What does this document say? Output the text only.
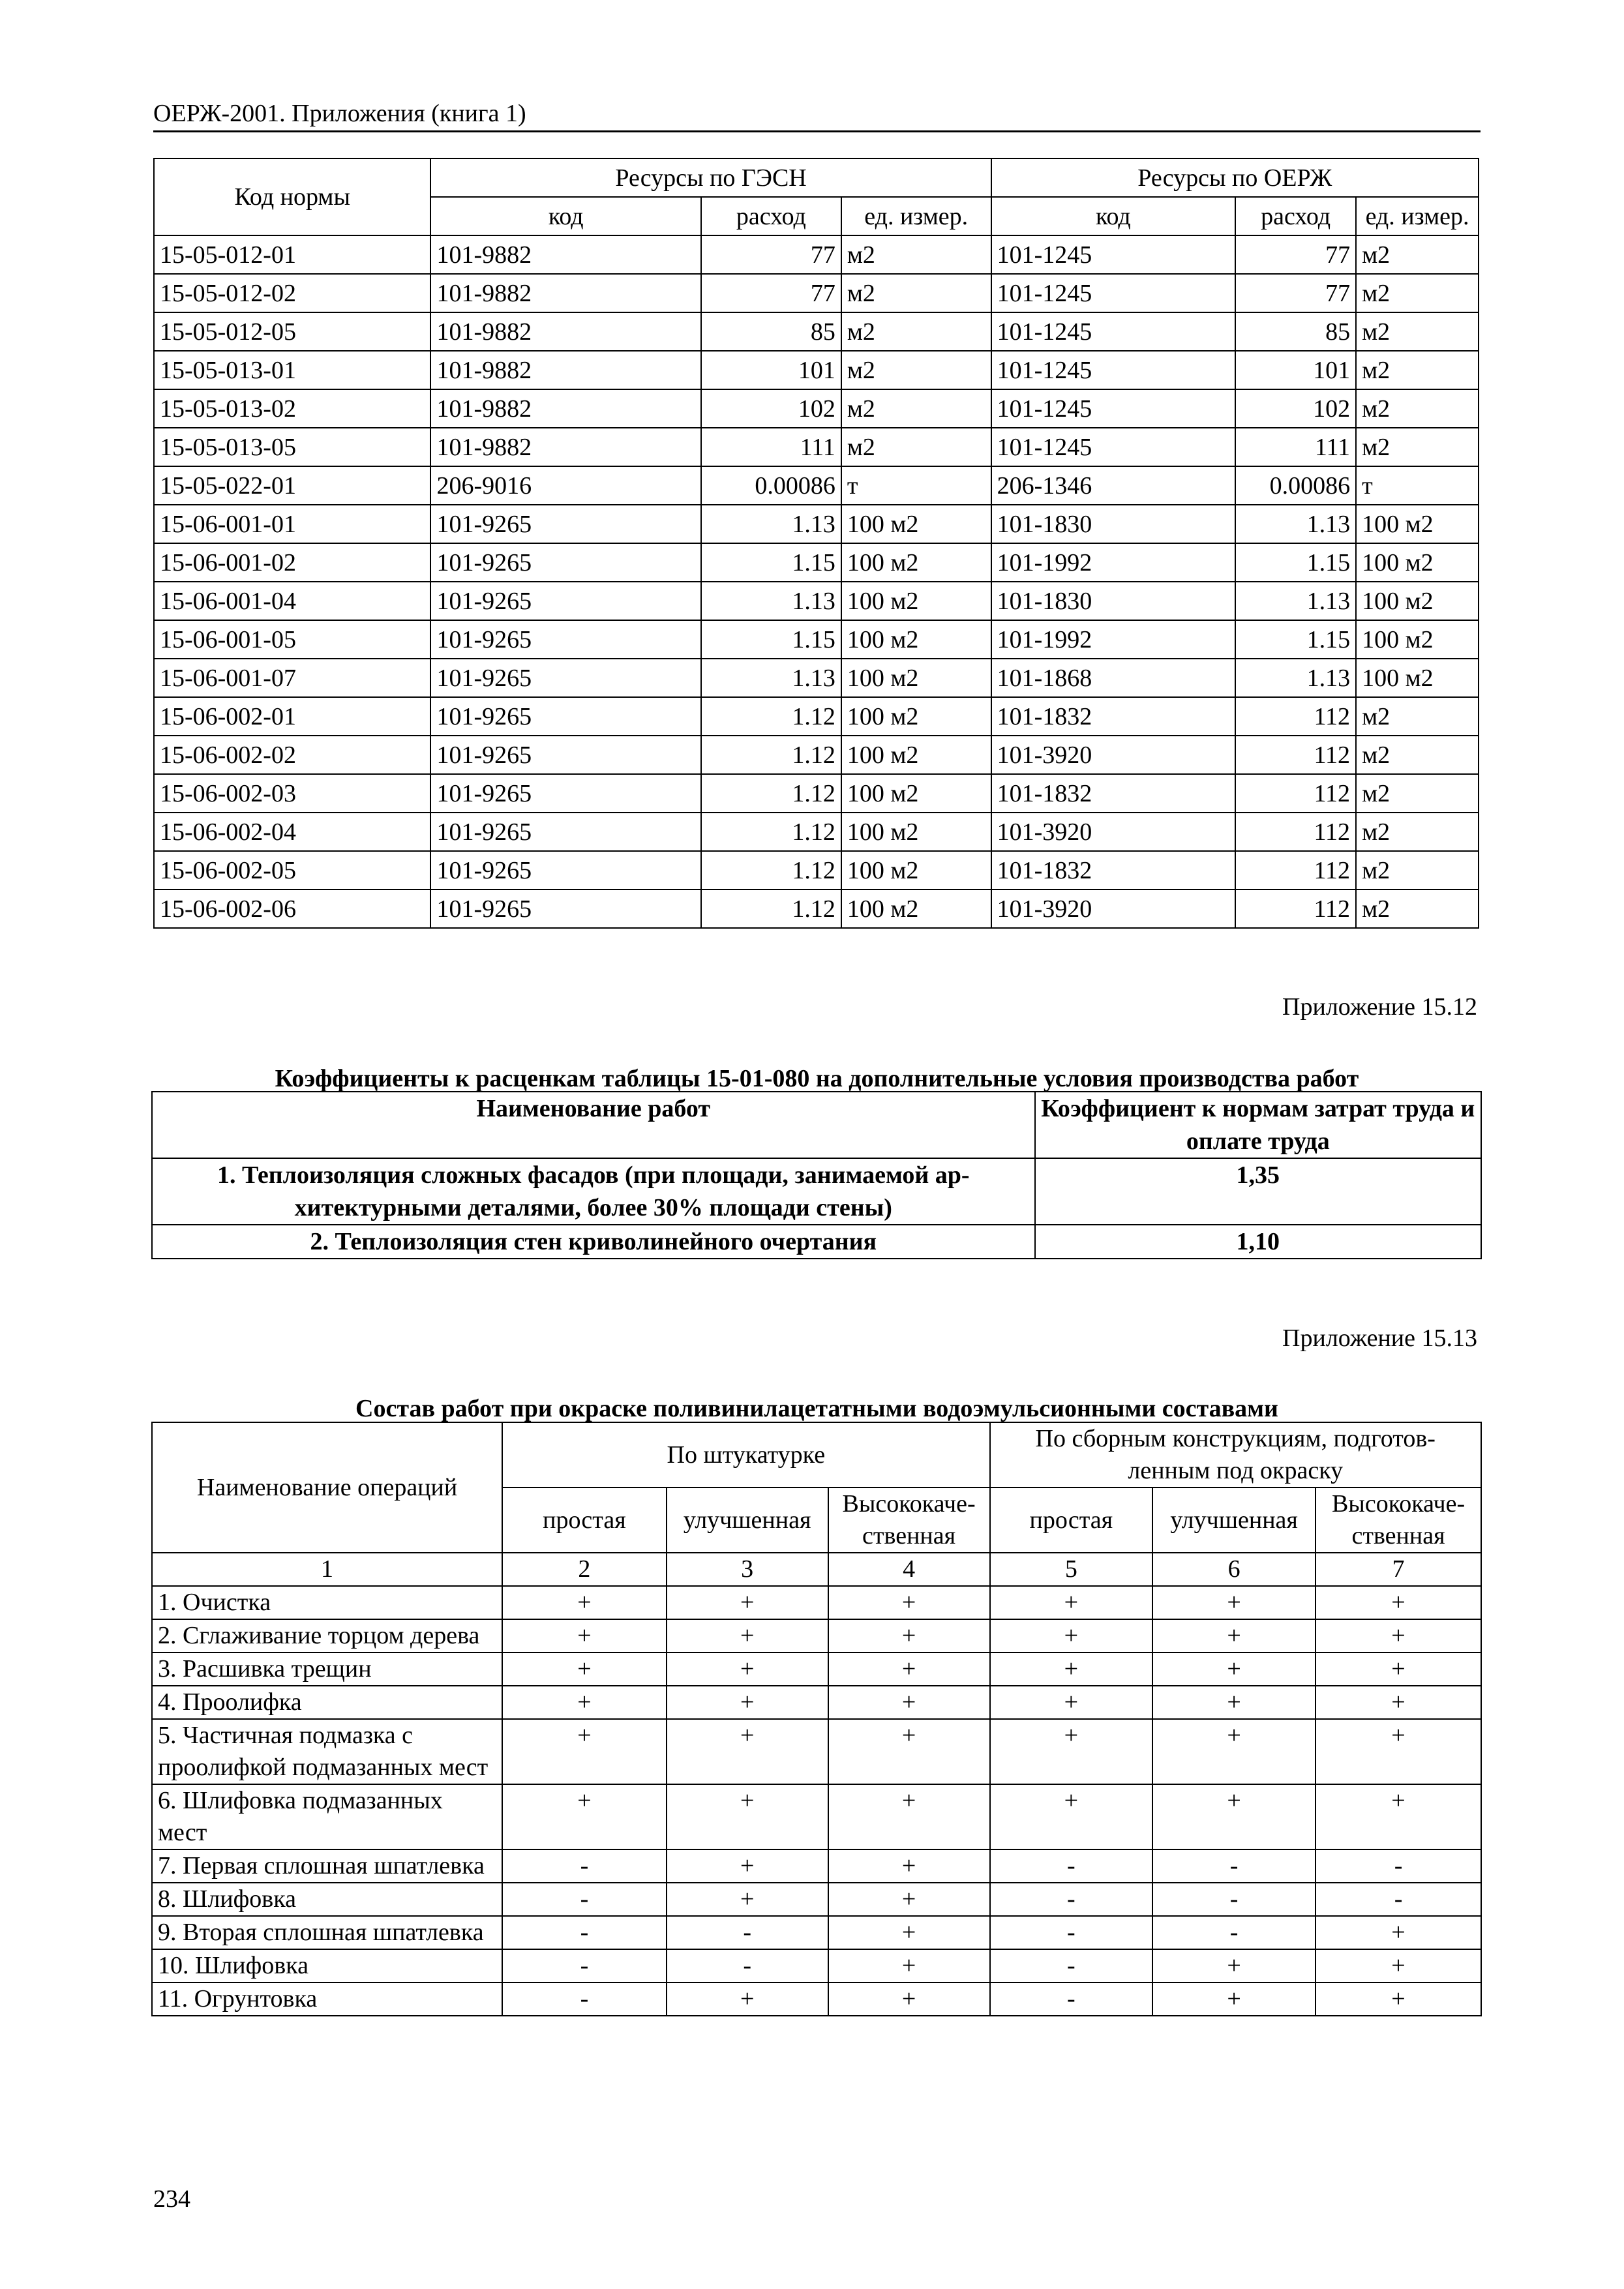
ОЕРЖ-2001. Приложения (книга 1)
Код нормы	Ресурсы по ГЭСН			Ресурсы по ОЕРЖ		
	код	расход	ед. измер.	код	расход	ед. измер.
15-05-012-01	101-9882	77	м2	101-1245	77	м2
15-05-012-02	101-9882	77	м2	101-1245	77	м2
15-05-012-05	101-9882	85	м2	101-1245	85	м2
15-05-013-01	101-9882	101	м2	101-1245	101	м2
15-05-013-02	101-9882	102	м2	101-1245	102	м2
15-05-013-05	101-9882	111	м2	101-1245	111	м2
15-05-022-01	206-9016	0.00086	т	206-1346	0.00086	т
15-06-001-01	101-9265	1.13	100 м2	101-1830	1.13	100 м2
15-06-001-02	101-9265	1.15	100 м2	101-1992	1.15	100 м2
15-06-001-04	101-9265	1.13	100 м2	101-1830	1.13	100 м2
15-06-001-05	101-9265	1.15	100 м2	101-1992	1.15	100 м2
15-06-001-07	101-9265	1.13	100 м2	101-1868	1.13	100 м2
15-06-002-01	101-9265	1.12	100 м2	101-1832	112	м2
15-06-002-02	101-9265	1.12	100 м2	101-3920	112	м2
15-06-002-03	101-9265	1.12	100 м2	101-1832	112	м2
15-06-002-04	101-9265	1.12	100 м2	101-3920	112	м2
15-06-002-05	101-9265	1.12	100 м2	101-1832	112	м2
15-06-002-06	101-9265	1.12	100 м2	101-3920	112	м2
Приложение 15.12
Коэффициенты к расценкам таблицы 15-01-080 на дополнительные условия производства работ
Наименование работ	Коэффициент к нормам затрат труда и оплате труда
1. Теплоизоляция сложных фасадов (при площади, занимаемой ар-хитектурными деталями, более 30% площади стены)	1,35
2. Теплоизоляция стен криволинейного очертания	1,10
Приложение 15.13
Состав работ при окраске поливинилацетатными водоэмульсионными составами
Наименование операций	По штукатурке			По сборным конструкциям, подготов-ленным под окраску		
	простая	улучшенная	Высококаче-ственная	простая	улучшенная	Высококаче-ственная
1	2	3	4	5	6	7
1. Очистка	+	+	+	+	+	+
2. Сглаживание торцом дерева	+	+	+	+	+	+
3. Расшивка трещин	+	+	+	+	+	+
4. Проолифка	+	+	+	+	+	+
5. Частичная подмазка с проолифкой подмазанных мест	+	+	+	+	+	+
6. Шлифовка подмазанных мест	+	+	+	+	+	+
7. Первая сплошная шпатлевка	-	+	+	-	-	-
8. Шлифовка	-	+	+	-	-	-
9. Вторая сплошная шпатлевка	-	-	+	-	-	+
10. Шлифовка	-	-	+	-	+	+
11. Огрунтовка	-	+	+	-	+	+
234
